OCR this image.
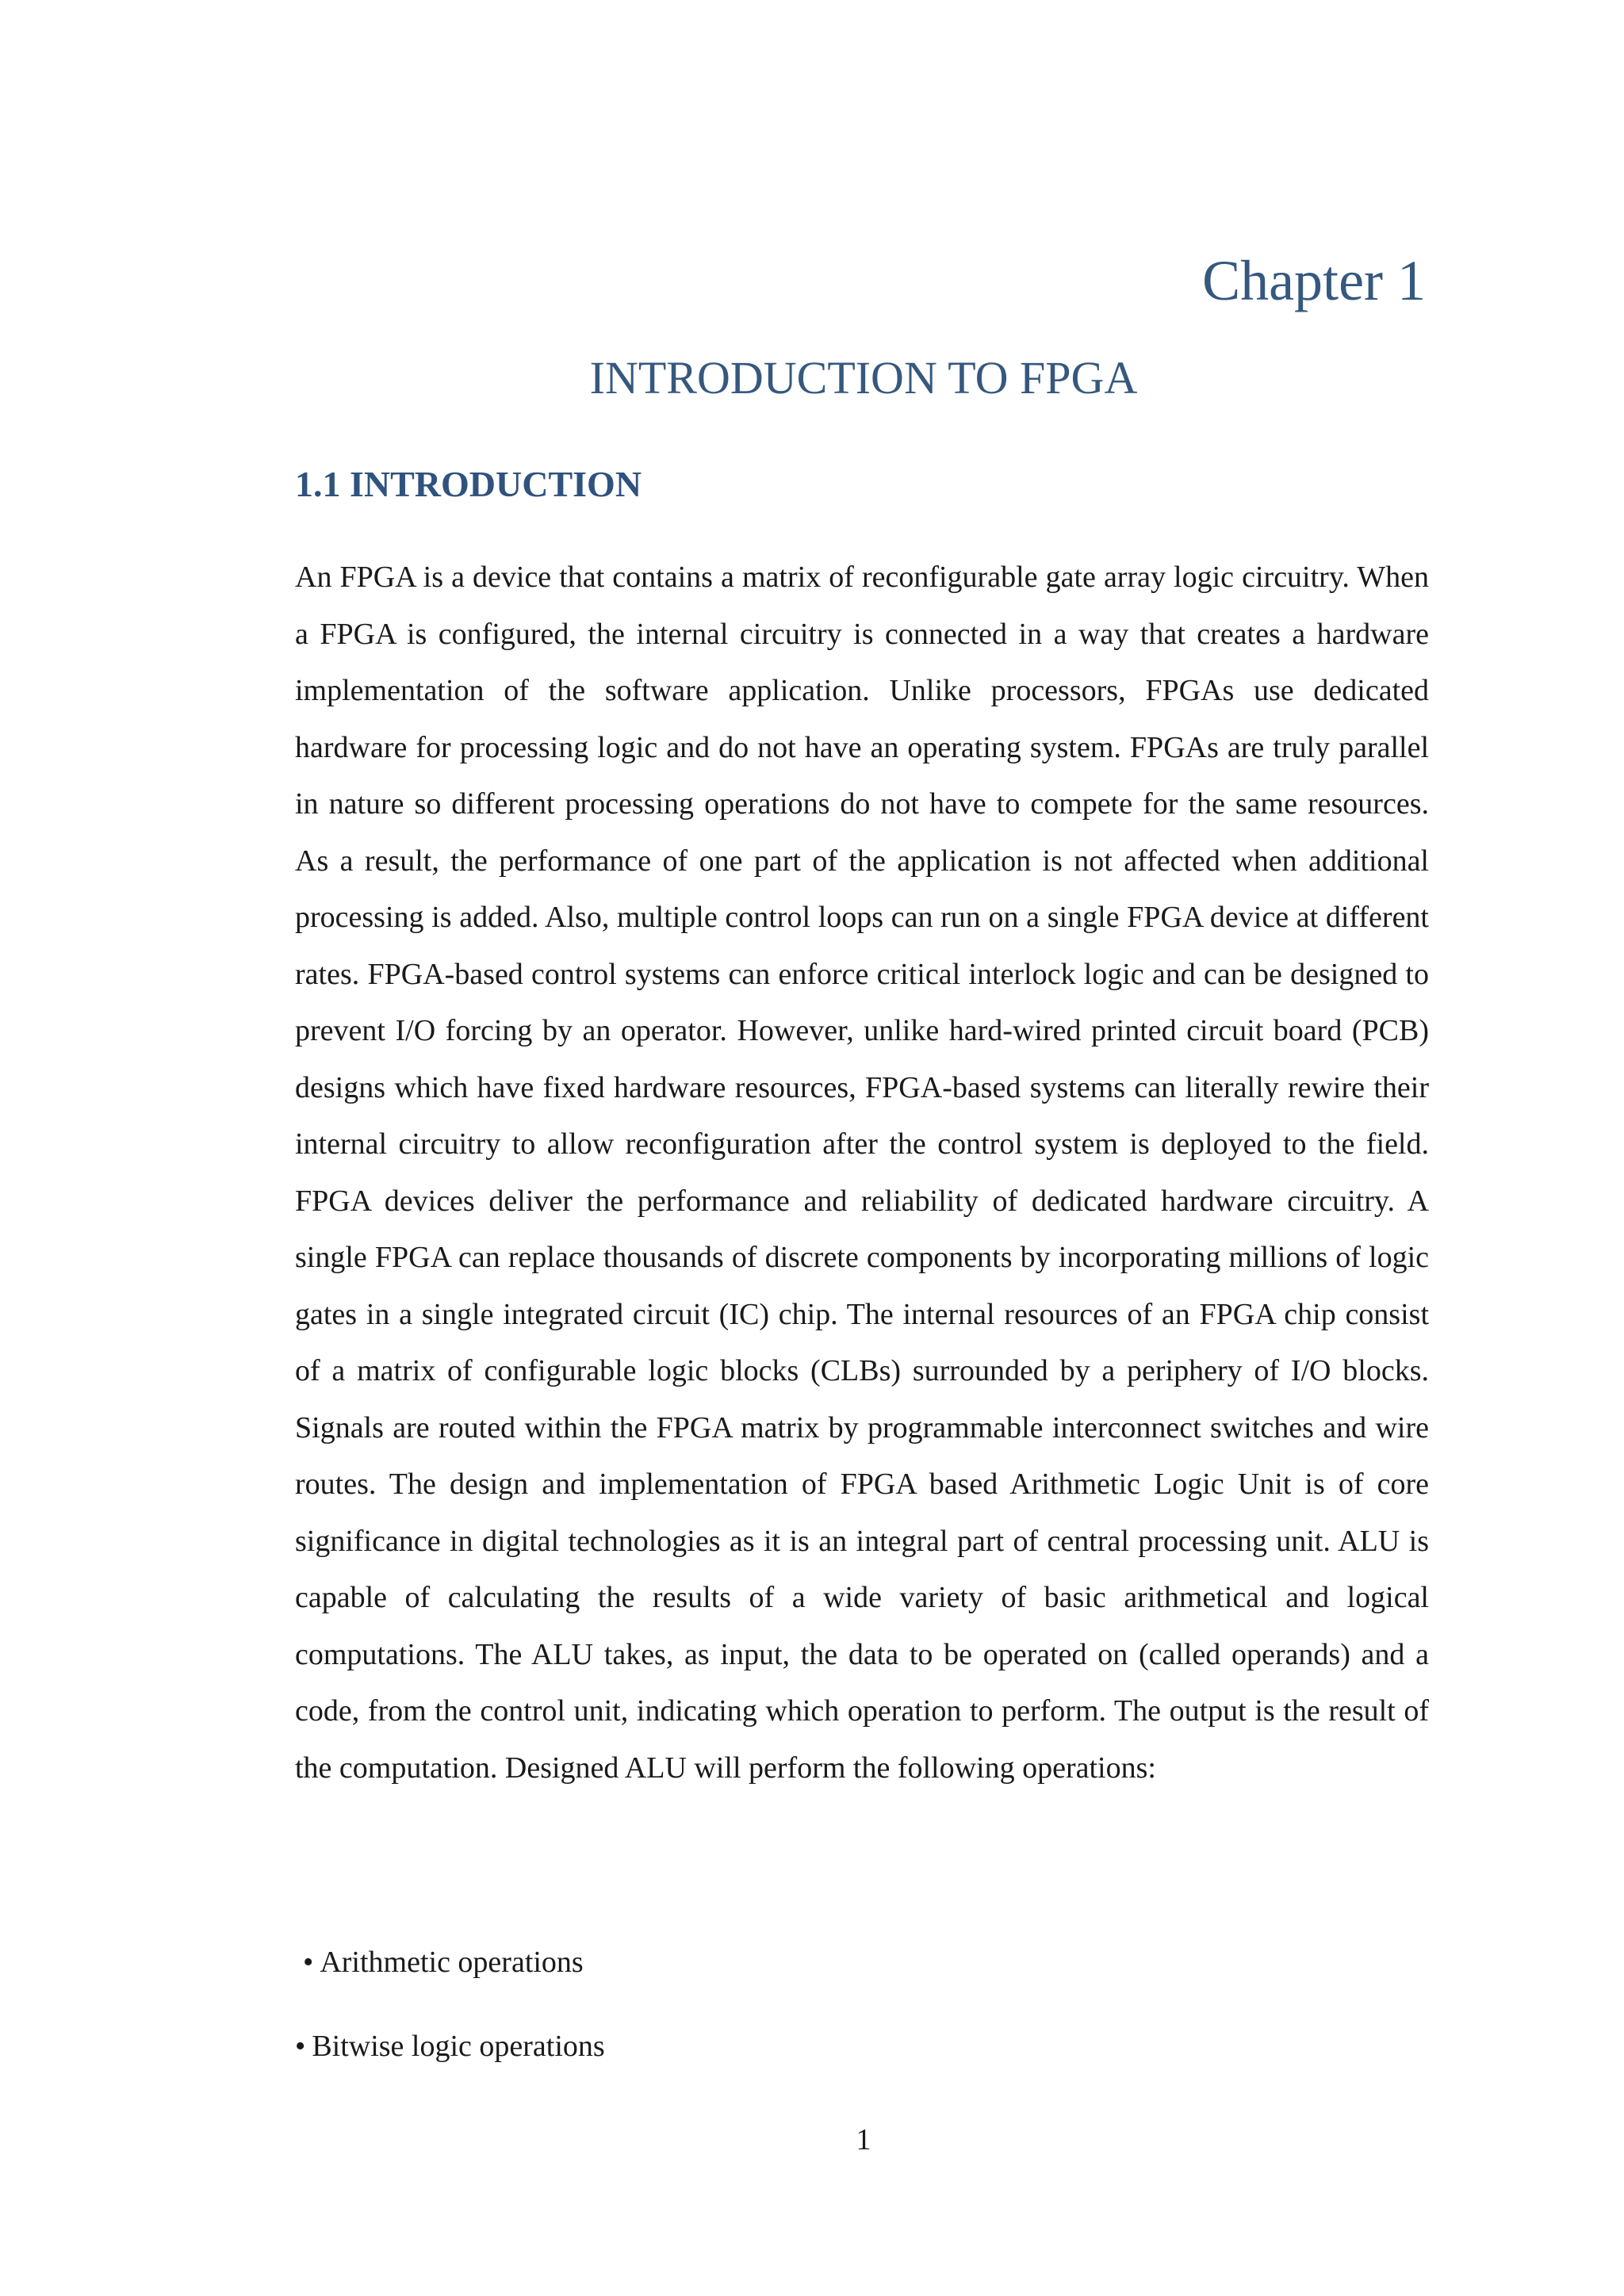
Chapter 1
INTRODUCTION TO FPGA
1.1 INTRODUCTION

An FPGA is a device that contains a matrix of reconfigurable gate array logic circuitry. When a FPGA is configured, the internal circuitry is connected in a way that creates a hardware implementation of the software application. Unlike processors, FPGAs use dedicated hardware for processing logic and do not have an operating system. FPGAs are truly parallel in nature so different processing operations do not have to compete for the same resources. As a result, the performance of one part of the application is not affected when additional processing is added. Also, multiple control loops can run on a single FPGA device at different rates. FPGA-based control systems can enforce critical interlock logic and can be designed to prevent I/O forcing by an operator. However, unlike hard-wired printed circuit board (PCB) designs which have fixed hardware resources, FPGA-based systems can literally rewire their internal circuitry to allow reconfiguration after the control system is deployed to the field. FPGA devices deliver the performance and reliability of dedicated hardware circuitry. A single FPGA can replace thousands of discrete components by incorporating millions of logic gates in a single integrated circuit (IC) chip. The internal resources of an FPGA chip consist of a matrix of configurable logic blocks (CLBs) surrounded by a periphery of I/O blocks. Signals are routed within the FPGA matrix by programmable interconnect switches and wire routes. The design and implementation of FPGA based Arithmetic Logic Unit is of core significance in digital technologies as it is an integral part of central processing unit. ALU is capable of calculating the results of a wide variety of basic arithmetical and logical computations. The ALU takes, as input, the data to be operated on (called operands) and a code, from the control unit, indicating which operation to perform. The output is the result of the computation. Designed ALU will perform the following operations:

• Arithmetic operations
• Bitwise logic operations
1
